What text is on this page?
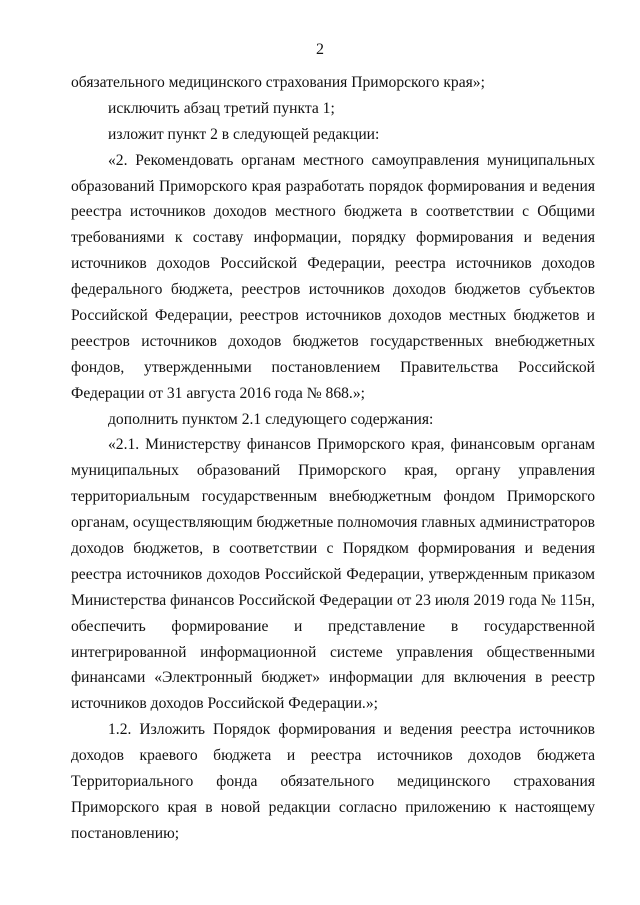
2
обязательного медицинского страхования Приморского края»;
исключить абзац третий пункта 1;
изложит пункт 2 в следующей редакции:
«2. Рекомендовать органам местного самоуправления муниципальных
образований Приморского края разработать порядок формирования и ведения
реестра источников доходов местного бюджета в соответствии с Общими
требованиями к составу информации, порядку формирования и ведения
источников доходов Российской Федерации, реестра источников доходов
федерального бюджета, реестров источников доходов бюджетов субъектов
Российской Федерации, реестров источников доходов местных бюджетов и
реестров источников доходов бюджетов государственных внебюджетных
фондов, утвержденными постановлением Правительства Российской
Федерации от 31 августа 2016 года № 868.»;
дополнить пунктом 2.1 следующего содержания:
«2.1. Министерству финансов Приморского края, финансовым органам
муниципальных образований Приморского края, органу управления
территориальным государственным внебюджетным фондом Приморского
органам, осуществляющим бюджетные полномочия главных администраторов
доходов бюджетов, в соответствии с Порядком формирования и ведения
реестра источников доходов Российской Федерации, утвержденным приказом
Министерства финансов Российской Федерации от 23 июля 2019 года № 115н,
обеспечить формирование и представление в государственной
интегрированной информационной системе управления общественными
финансами «Электронный бюджет» информации для включения в реестр
источников доходов Российской Федерации.»;
1.2. Изложить Порядок формирования и ведения реестра источников
доходов краевого бюджета и реестра источников доходов бюджета
Территориального фонда обязательного медицинского страхования
Приморского края в новой редакции согласно приложению к настоящему
постановлению;
